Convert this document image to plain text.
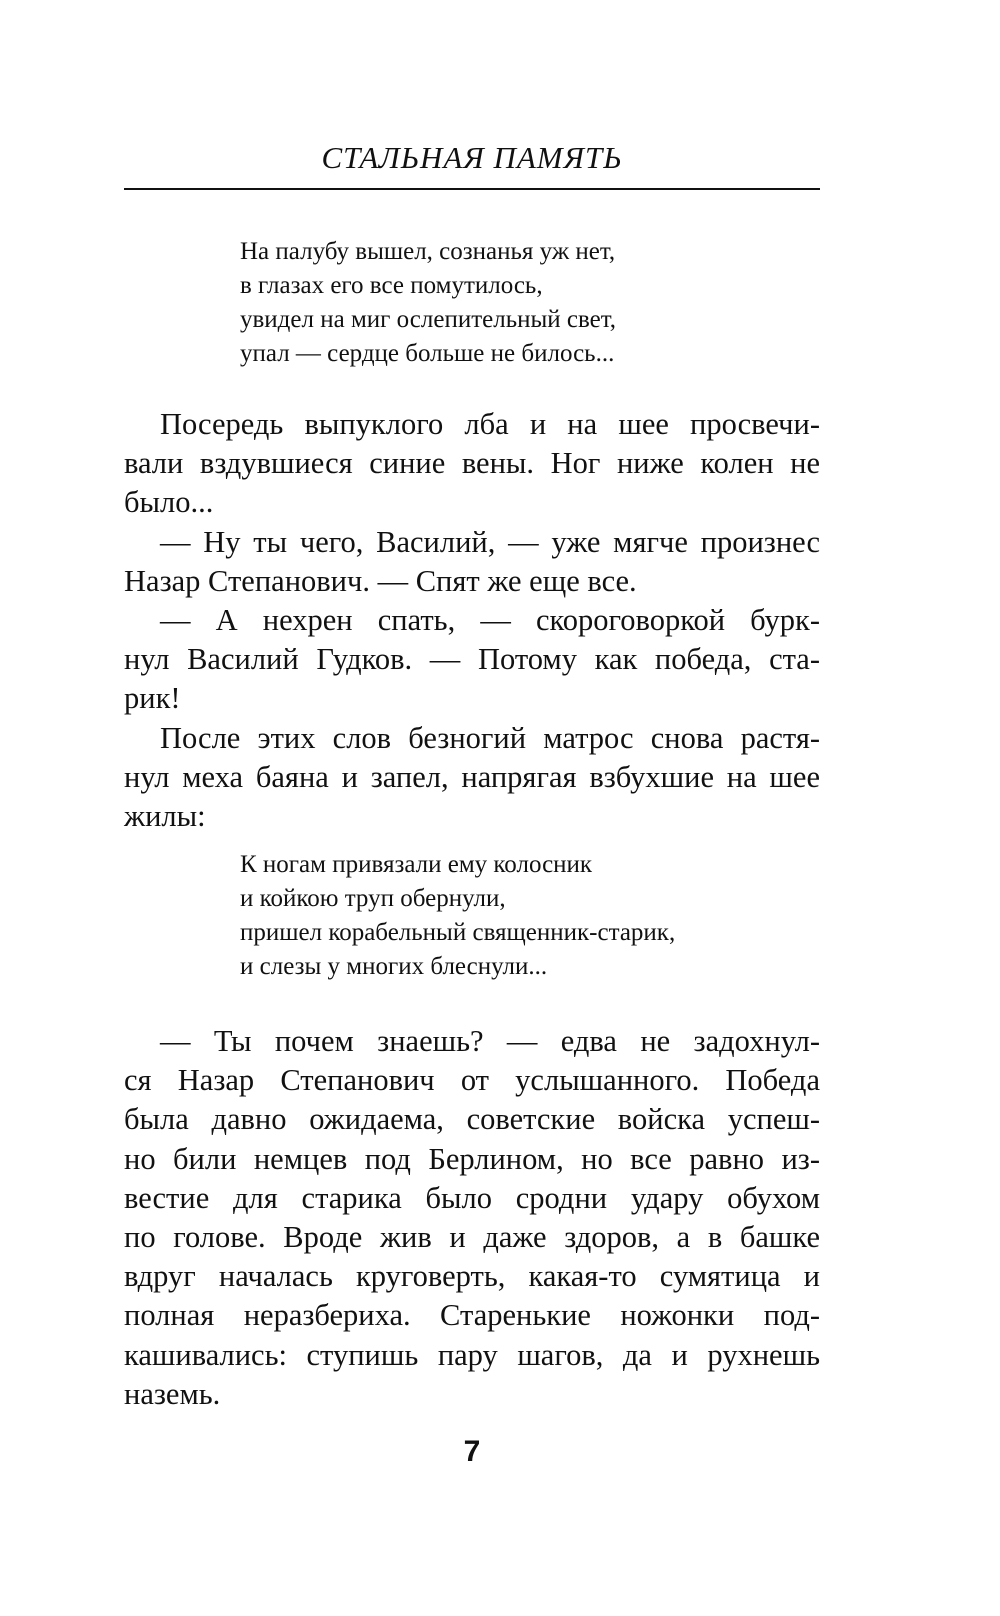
СТАЛЬНАЯ ПАМЯТЬ
На палубу вышел, сознанья уж нет,
в глазах его все помутилось,
увидел на миг ослепительный свет,
упал — сердце больше не билось...
Посередь выпуклого лба и на шее просвечи-
вали вздувшиеся синие вены. Ног ниже колен не
было...
— Ну ты чего, Василий, — уже мягче произнес
Назар Степанович. — Спят же еще все.
— А нехрен спать, — скороговоркой бурк-
нул Василий Гудков. — Потому как победа, ста-
рик!
После этих слов безногий матрос снова растя-
нул меха баяна и запел, напрягая взбухшие на шее
жилы:
К ногам привязали ему колосник
и койкою труп обернули,
пришел корабельный священник-старик,
и слезы у многих блеснули...
— Ты почем знаешь? — едва не задохнул-
ся Назар Степанович от услышанного. Победа
была давно ожидаема, советские войска успеш-
но били немцев под Берлином, но все равно из-
вестие для старика было сродни удару обухом
по голове. Вроде жив и даже здоров, а в башке
вдруг началась круговерть, какая-то сумятица и
полная неразбериха. Старенькие ножонки под-
кашивались: ступишь пару шагов, да и рухнешь
наземь.
7
